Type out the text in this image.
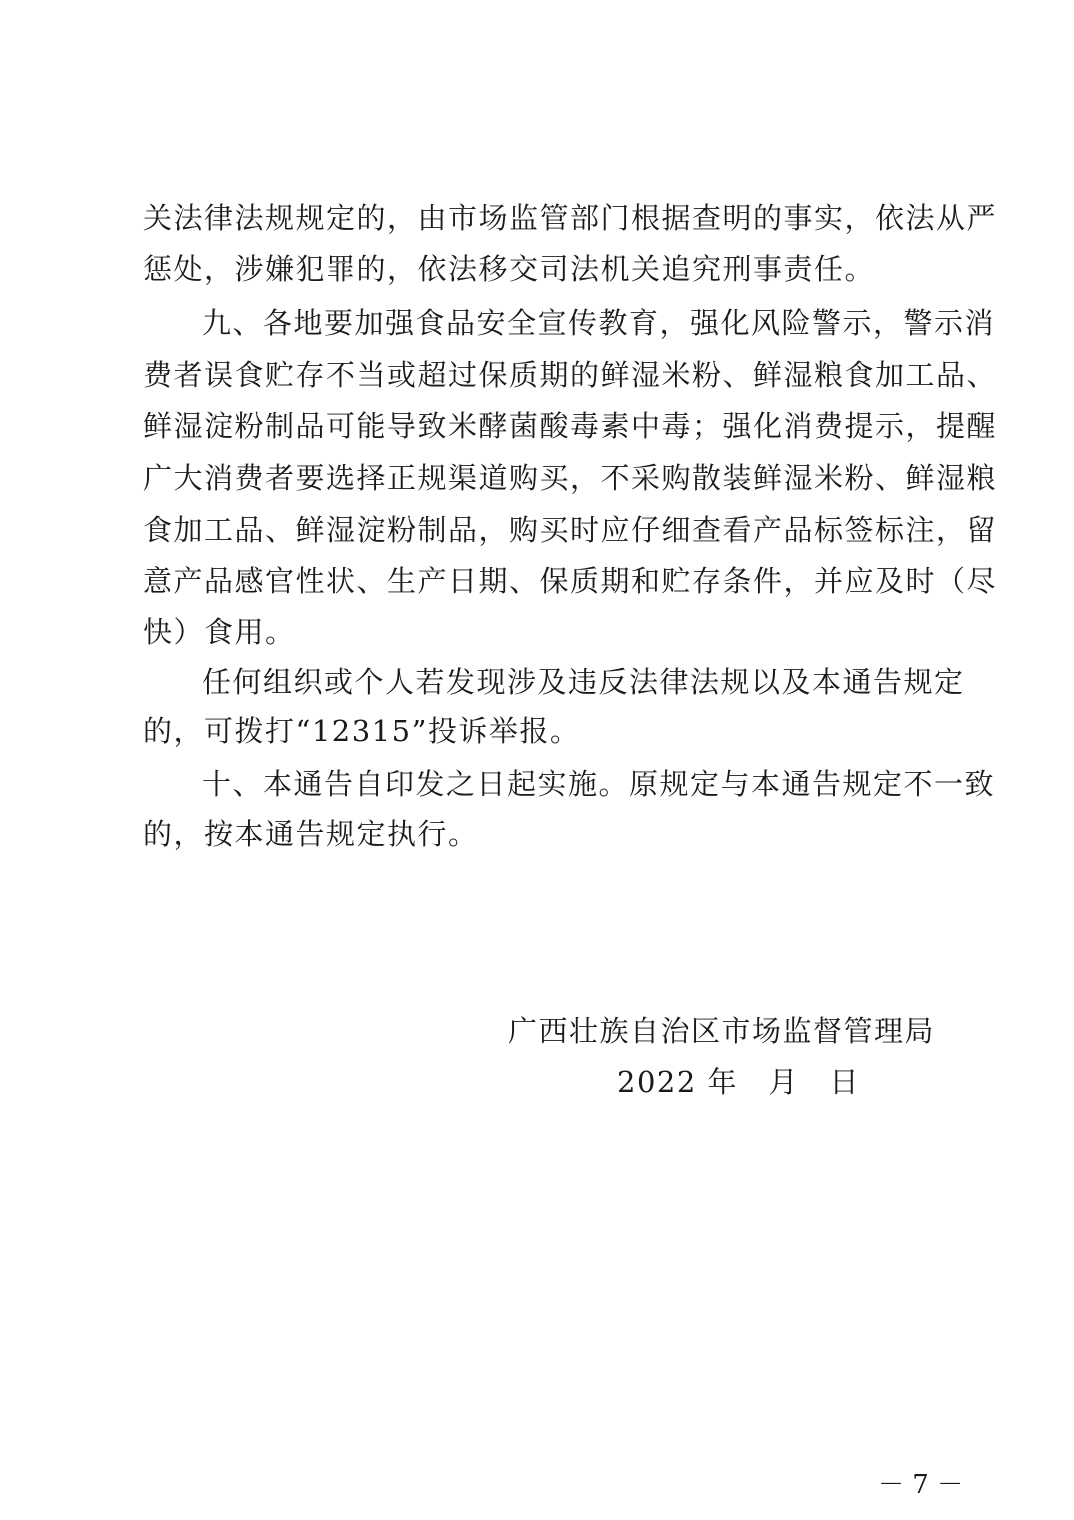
关法律法规规定的，由市场监管部门根据查明的事实，依法从严
惩处，涉嫌犯罪的，依法移交司法机关追究刑事责任。
九、各地要加强食品安全宣传教育，强化风险警示，警示消
费者误食贮存不当或超过保质期的鲜湿米粉、鲜湿粮食加工品、
鲜湿淀粉制品可能导致米酵菌酸毒素中毒；强化消费提示，提醒
广大消费者要选择正规渠道购买，不采购散装鲜湿米粉、鲜湿粮
食加工品、鲜湿淀粉制品，购买时应仔细查看产品标签标注，留
意产品感官性状、生产日期、保质期和贮存条件，并应及时（尽
快）食用。
任何组织或个人若发现涉及违反法律法规以及本通告规定
的，可拨打“12315”投诉举报。
十、本通告自印发之日起实施。原规定与本通告规定不一致
的，按本通告规定执行。
广西壮族自治区市场监督管理局
2022 年　月　日
－ 7 －
